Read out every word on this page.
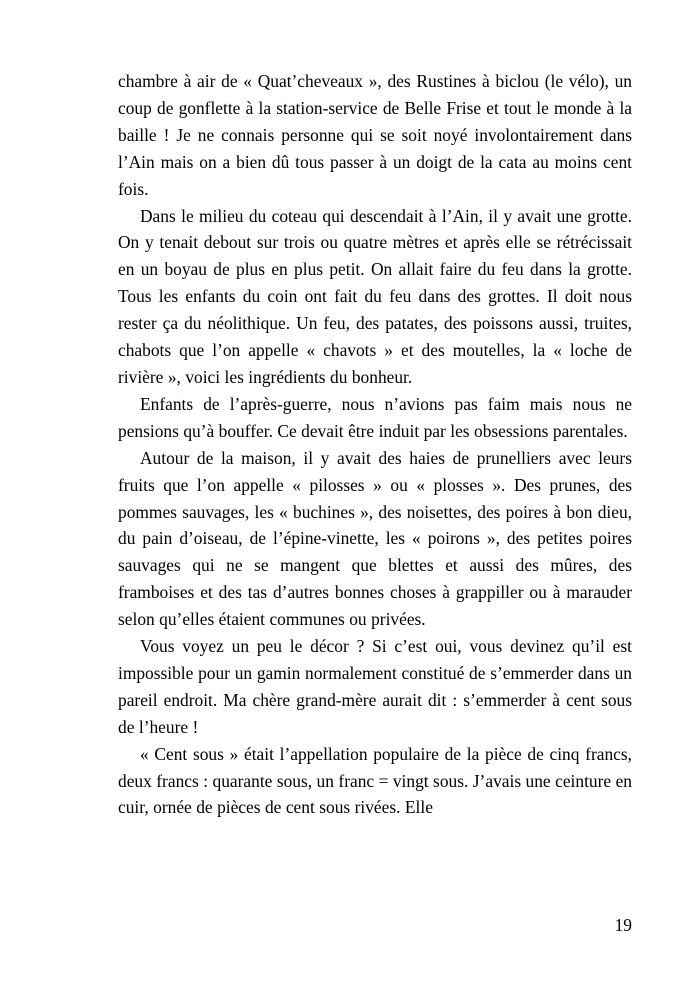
chambre à air de « Quat’cheveaux », des Rustines à biclou (le vélo), un coup de gonflette à la station-service de Belle Frise et tout le monde à la baille ! Je ne connais personne qui se soit noyé involontairement dans l’Ain mais on a bien dû tous passer à un doigt de la cata au moins cent fois.

Dans le milieu du coteau qui descendait à l’Ain, il y avait une grotte. On y tenait debout sur trois ou quatre mètres et après elle se rétrécissait en un boyau de plus en plus petit. On allait faire du feu dans la grotte. Tous les enfants du coin ont fait du feu dans des grottes. Il doit nous rester ça du néolithique. Un feu, des patates, des poissons aussi, truites, chabots que l’on appelle « chavots » et des moutelles, la « loche de rivière », voici les ingrédients du bonheur.

Enfants de l’après-guerre, nous n’avions pas faim mais nous ne pensions qu’à bouffer. Ce devait être induit par les obsessions parentales.

Autour de la maison, il y avait des haies de prunelliers avec leurs fruits que l’on appelle « pilosses » ou « plosses ». Des prunes, des pommes sauvages, les « buchines », des noisettes, des poires à bon dieu, du pain d’oiseau, de l’épine-vinette, les « poirons », des petites poires sauvages qui ne se mangent que blettes et aussi des mûres, des framboises et des tas d’autres bonnes choses à grappiller ou à marauder selon qu’elles étaient communes ou privées.

Vous voyez un peu le décor ? Si c’est oui, vous devinez qu’il est impossible pour un gamin normalement constitué de s’emmerder dans un pareil endroit. Ma chère grand-mère aurait dit : s’emmerder à cent sous de l’heure !

« Cent sous » était l’appellation populaire de la pièce de cinq francs, deux francs : quarante sous, un franc = vingt sous. J’avais une ceinture en cuir, ornée de pièces de cent sous rivées. Elle

19
